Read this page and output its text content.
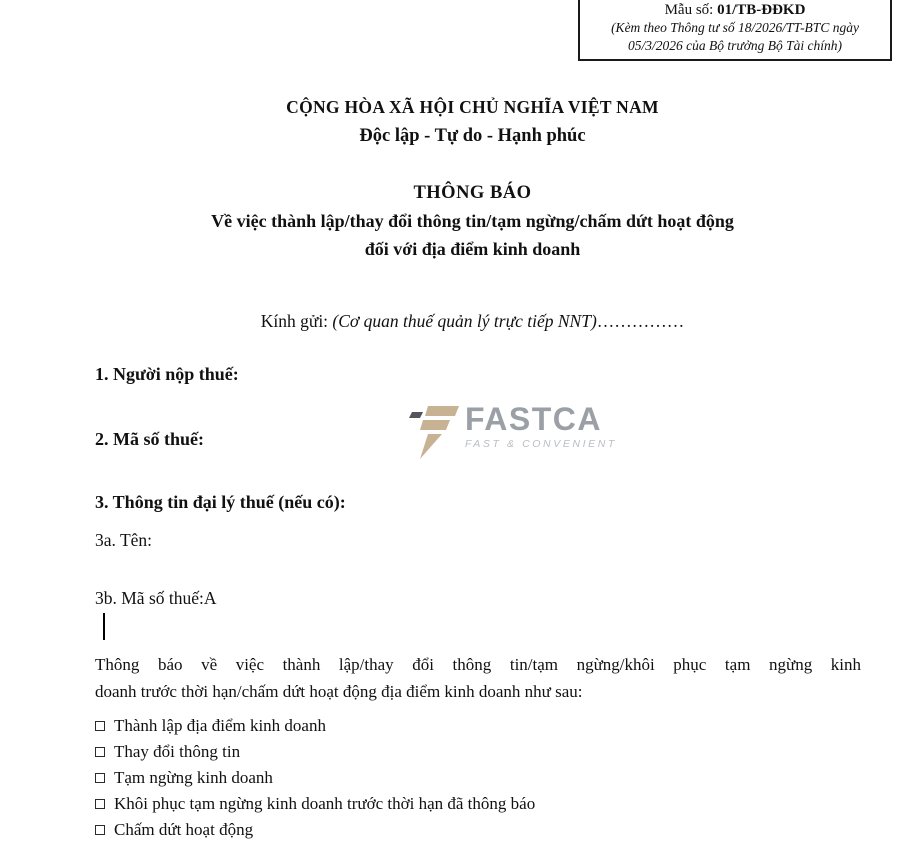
Mẫu số: 01/TB-ĐĐKD
(Kèm theo Thông tư số 18/2026/TT-BTC ngày
05/3/2026 của Bộ trưởng Bộ Tài chính)
CỘNG HÒA XÃ HỘI CHỦ NGHĨA VIỆT NAM
Độc lập - Tự do - Hạnh phúc
THÔNG BÁO
Về việc thành lập/thay đổi thông tin/tạm ngừng/chấm dứt hoạt động
đối với địa điểm kinh doanh
Kính gửi: (Cơ quan thuế quản lý trực tiếp NNT)……………
FASTCA
FAST & CONVENIENT
1. Người nộp thuế:
2. Mã số thuế:
3. Thông tin đại lý thuế (nếu có):
3a. Tên:
3b. Mã số thuế:A
Thông báo về việc thành lập/thay đổi thông tin/tạm ngừng/khôi phục tạm ngừng kinh
doanh trước thời hạn/chấm dứt hoạt động địa điểm kinh doanh như sau:
Thành lập địa điểm kinh doanh
Thay đổi thông tin
Tạm ngừng kinh doanh
Khôi phục tạm ngừng kinh doanh trước thời hạn đã thông báo
Chấm dứt hoạt động
